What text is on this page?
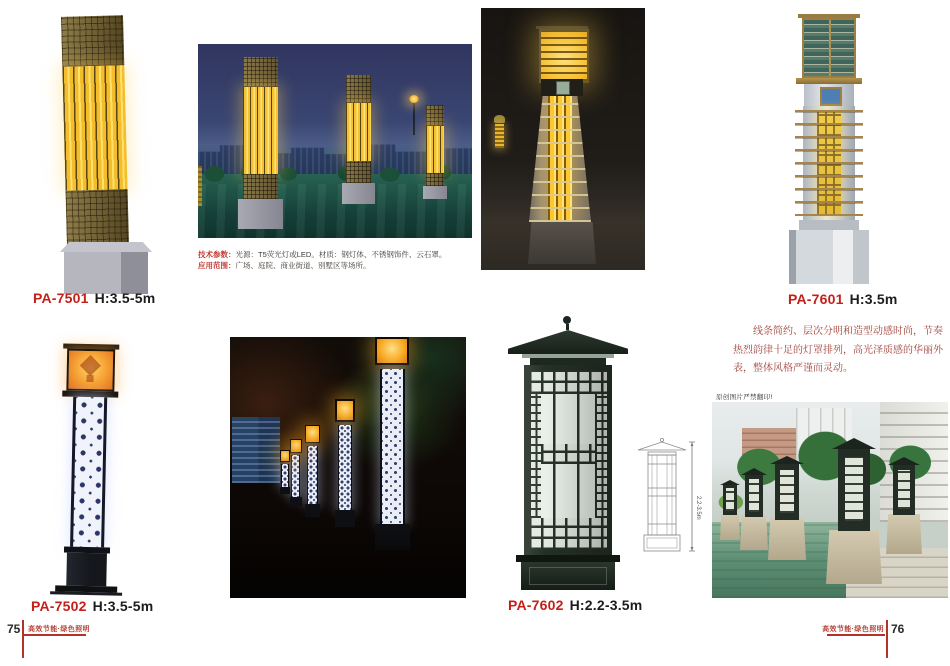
PA-7501 H:3.5-5m
技术参数：光源：T5荧光灯或LED。材质：钢灯体、不锈钢饰件、云石罩。
应用范围：广场、庭院、商业街道、别墅区等场所。
PA-7601 H:3.5m
线条简约、层次分明和造型动感时尚，节奏热烈韵律十足的灯罩排列，高光泽质感的华丽外表，整体风格严谨而灵动。
PA-7502 H:3.5-5m	PA-7602 H:2.2-3.5m
2.2-3.5m
原创图片严禁翻印!
75 高效节能·绿色照明	高效节能·绿色照明 76
